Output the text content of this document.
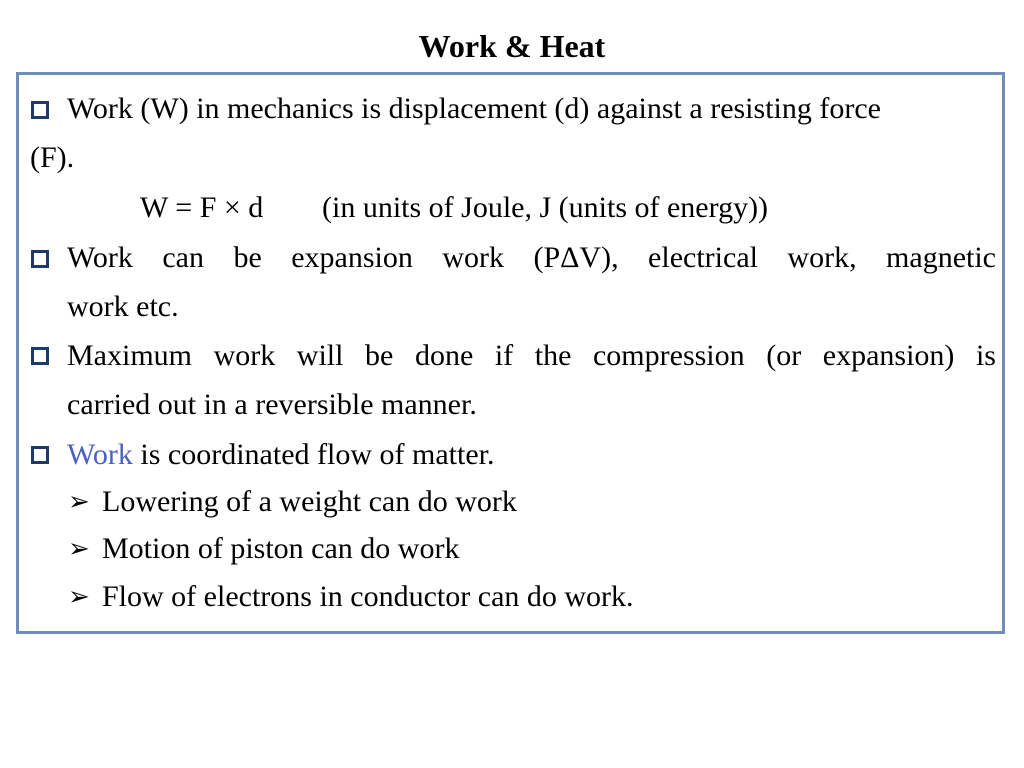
Work & Heat
Work (W) in mechanics is displacement (d) against a resisting force
(F).
W = F × d (in units of Joule, J (units of energy))
Work can be expansion work (PΔV), electrical work, magnetic
work etc.
Maximum work will be done if the compression (or expansion) is
carried out in a reversible manner.
Work is coordinated flow of matter.
➢ Lowering of a weight can do work
➢ Motion of piston can do work
➢ Flow of electrons in conductor can do work.
